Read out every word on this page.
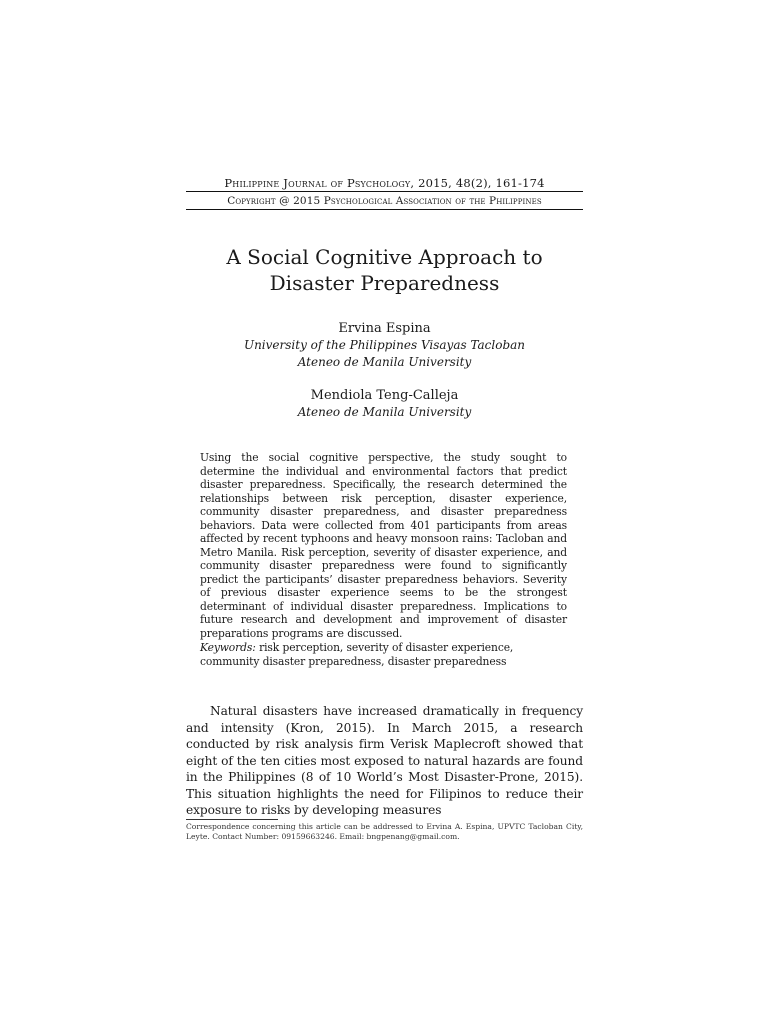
Philippine Journal of Psychology, 2015, 48(2), 161-174
Copyright @ 2015 Psychological Association of the Philippines
A Social Cognitive Approach to
Disaster Preparedness
Ervina Espina
University of the Philippines Visayas Tacloban
Ateneo de Manila University
Mendiola Teng-Calleja
Ateneo de Manila University

Using the social cognitive perspective, the study sought to determine the individual and environmental factors that predict disaster preparedness. Specifically, the research determined the relationships between risk perception, disaster experience, community disaster preparedness, and disaster preparedness behaviors. Data were collected from 401 participants from areas affected by recent typhoons and heavy monsoon rains: Tacloban and Metro Manila. Risk perception, severity of disaster experience, and community disaster preparedness were found to significantly predict the participants’ disaster preparedness behaviors. Severity of previous disaster experience seems to be the strongest determinant of individual disaster preparedness. Implications to future research and development and improvement of disaster preparations programs are discussed.

Keywords: risk perception, severity of disaster experience, community disaster preparedness, disaster preparedness

Natural disasters have increased dramatically in frequency and intensity (Kron, 2015). In March 2015, a research conducted by risk analysis firm Verisk Maplecroft showed that eight of the ten cities most exposed to natural hazards are found in the Philippines (8 of 10 World’s Most Disaster-Prone, 2015). This situation highlights the need for Filipinos to reduce their exposure to risks by developing measures

Correspondence concerning this article can be addressed to Ervina A. Espina, UPVTC Tacloban City, Leyte. Contact Number: 09159663246. Email: bngpenang@gmail.com.
